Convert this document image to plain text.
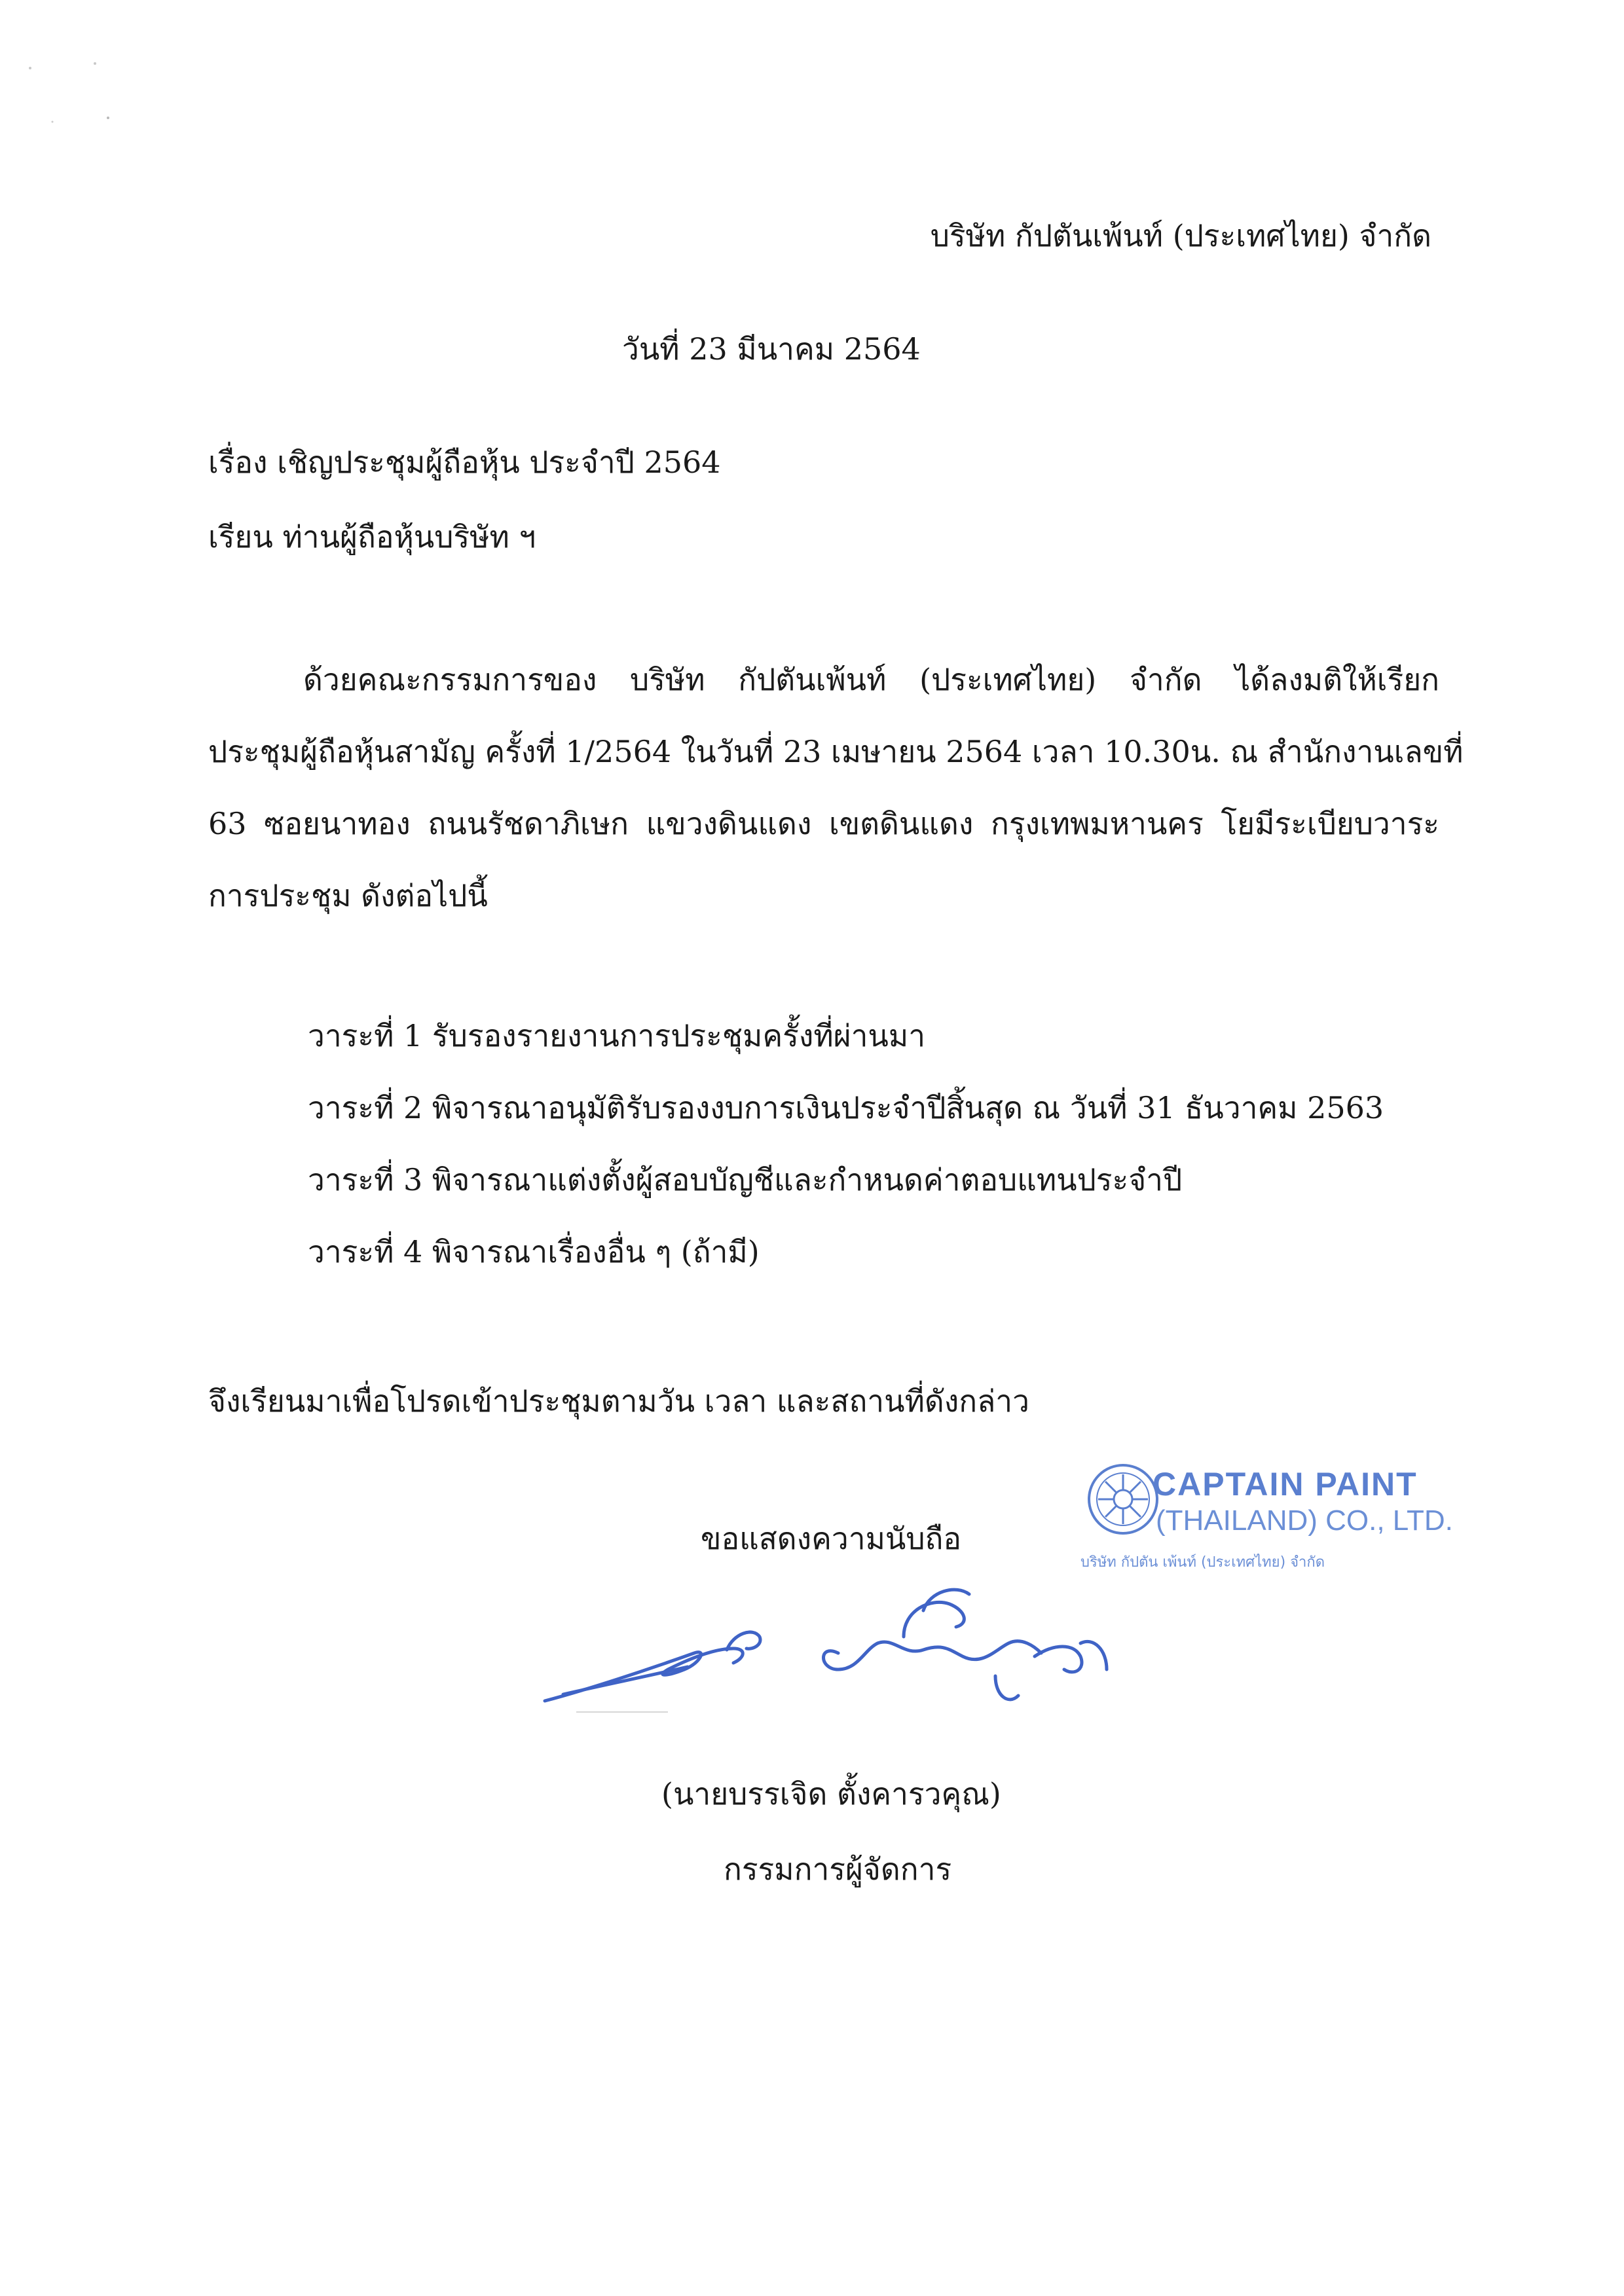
บริษัท กัปตันเพ้นท์ (ประเทศไทย) จำกัด
วันที่ 23 มีนาคม 2564
เรื่อง เชิญประชุมผู้ถือหุ้น ประจำปี 2564
เรียน ท่านผู้ถือหุ้นบริษัท ฯ
ด้วยคณะกรรมการของ บริษัท กัปตันเพ้นท์ (ประเทศไทย) จำกัด ได้ลงมติให้เรียก
ประชุมผู้ถือหุ้นสามัญ ครั้งที่ 1/2564 ในวันที่ 23 เมษายน 2564 เวลา 10.30น. ณ สำนักงานเลขที่
63 ซอยนาทอง ถนนรัชดาภิเษก แขวงดินแดง เขตดินแดง กรุงเทพมหานคร โยมีระเบียบวาระ
การประชุม ดังต่อไปนี้
วาระที่ 1 รับรองรายงานการประชุมครั้งที่ผ่านมา
วาระที่ 2 พิจารณาอนุมัติรับรองงบการเงินประจำปีสิ้นสุด ณ วันที่ 31 ธันวาคม 2563
วาระที่ 3 พิจารณาแต่งตั้งผู้สอบบัญชีและกำหนดค่าตอบแทนประจำปี
วาระที่ 4 พิจารณาเรื่องอื่น ๆ (ถ้ามี)
จึงเรียนมาเพื่อโปรดเข้าประชุมตามวัน เวลา และสถานที่ดังกล่าว
ขอแสดงความนับถือ
CAPTAIN PAINT
(THAILAND) CO., LTD.
บริษัท กัปตัน เพ้นท์ (ประเทศไทย) จำกัด
(นายบรรเจิด ตั้งคารวคุณ)
กรรมการผู้จัดการ
